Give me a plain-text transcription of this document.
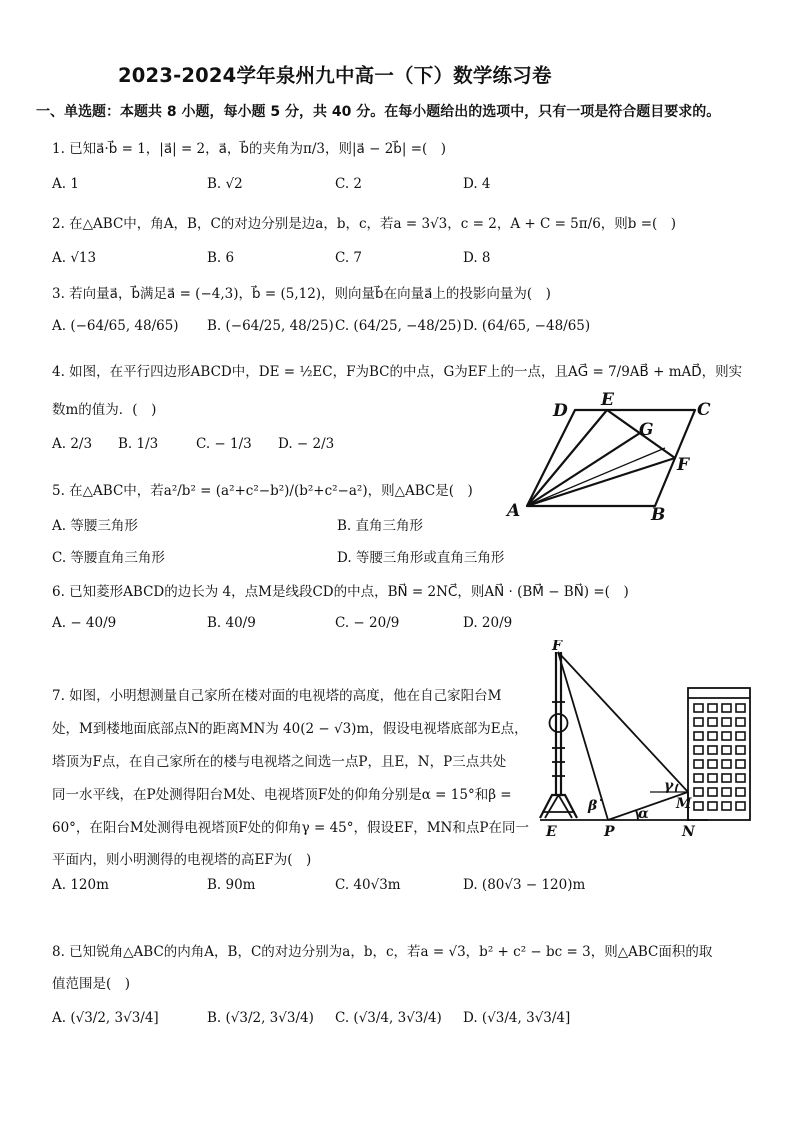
2023-2024学年泉州九中高一（下）数学练习卷
一、单选题：本题共 8 小题，每小题 5 分，共 40 分。在每小题给出的选项中，只有一项是符合题目要求的。
1. 已知a⃗·b⃗ = 1，|a⃗| = 2，a⃗，b⃗的夹角为π/3，则|a⃗ − 2b⃗| =(　)
A. 1	B. √2	C. 2	D. 4
2. 在△ABC中，角A，B，C的对边分别是边a，b，c，若a = 3√3，c = 2，A + C = 5π/6，则b =(　)
A. √13	B. 6	C. 7	D. 8
3. 若向量a⃗，b⃗满足a⃗ = (−4,3)，b⃗ = (5,12)，则向量b⃗在向量a⃗上的投影向量为(　)
A. (−64/65, 48/65) B. (−64/25, 48/25) C. (64/25, −48/25) D. (64/65, −48/65)
4. 如图，在平行四边形ABCD中，DE = ½EC，F为BC的中点，G为EF上的一点，且AG⃗ = 7/9AB⃗ + mAD⃗，则实
数m的值为．(　)
A. 2/3 B. 1/3	C. − 1/3 D. − 2/3
A	B
C
D
E
F
G
5. 在△ABC中，若a²/b² = (a²+c²−b²)/(b²+c²−a²)，则△ABC是(　)
A. 等腰三角形	B. 直角三角形
C. 等腰直角三角形	D. 等腰三角形或直角三角形
6. 已知菱形ABCD的边长为 4，点M是线段CD的中点，BN⃗ = 2NC⃗，则AN⃗ · (BM⃗ − BN⃗) =(　)
A. − 40/9	B. 40/9	C. − 20/9	D. 20/9
7. 如图，小明想测量自己家所在楼对面的电视塔的高度，他在自己家阳台M
处，M到楼地面底部点N的距离MN为 40(2 − √3)m，假设电视塔底部为E点，
塔顶为F点，在自己家所在的楼与电视塔之间选一点P，且E，N，P三点共处
同一水平线，在P处测得阳台M处、电视塔顶F处的仰角分别是α = 15°和β =
60°，在阳台M处测得电视塔顶F处的仰角γ = 45°，假设EF，MN和点P在同一
平面内，则小明测得的电视塔的高EF为(　)
A. 120m	B. 90m	C. 40√3m	D. (80√3 − 120)m
F
E	P	N
M
α
β
γ
8. 已知锐角△ABC的内角A，B，C的对边分别为a，b，c，若a = √3，b² + c² − bc = 3，则△ABC面积的取
值范围是(　)
A. (√3/2, 3√3/4]	B. (√3/2, 3√3/4) C. (√3/4, 3√3/4) D. (√3/4, 3√3/4]
